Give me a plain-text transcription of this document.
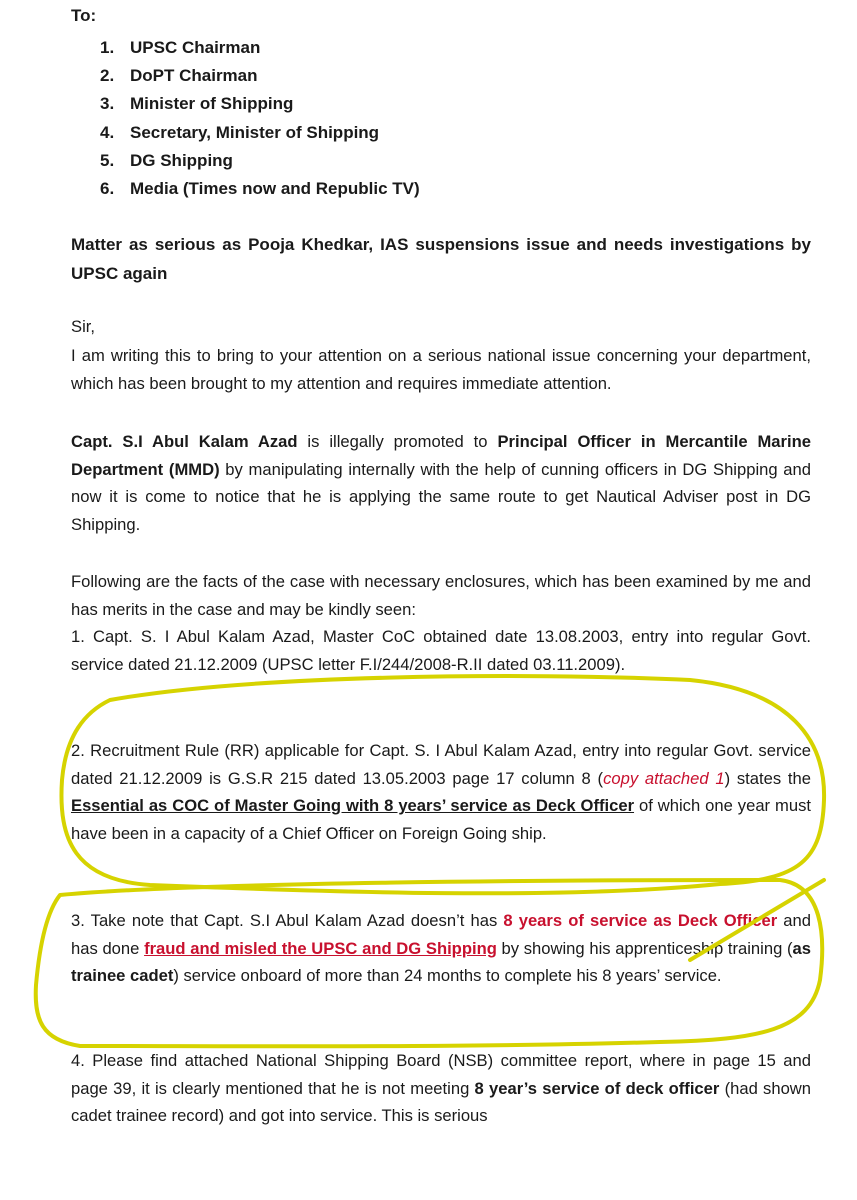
To:
1. UPSC Chairman
2. DoPT Chairman
3. Minister of Shipping
4. Secretary, Minister of Shipping
5. DG Shipping
6. Media (Times now and Republic TV)
Matter as serious as Pooja Khedkar, IAS suspensions issue and needs investigations by UPSC again
Sir,
I am writing this to bring to your attention on a serious national issue concerning your department, which has been brought to my attention and requires immediate attention.
Capt. S.I Abul Kalam Azad is illegally promoted to Principal Officer in Mercantile Marine Department (MMD) by manipulating internally with the help of cunning officers in DG Shipping and now it is come to notice that he is applying the same route to get Nautical Adviser post in DG Shipping.
Following are the facts of the case with necessary enclosures, which has been examined by me and has merits in the case and may be kindly seen:
1. Capt. S. I Abul Kalam Azad, Master CoC obtained date 13.08.2003, entry into regular Govt. service dated 21.12.2009 (UPSC letter F.I/244/2008-R.II dated 03.11.2009).
2. Recruitment Rule (RR) applicable for Capt. S. I Abul Kalam Azad, entry into regular Govt. service dated 21.12.2009 is G.S.R 215 dated 13.05.2003 page 17 column 8 (copy attached 1) states the Essential as COC of Master Going with 8 years’ service as Deck Officer of which one year must have been in a capacity of a Chief Officer on Foreign Going ship.
3. Take note that Capt. S.I Abul Kalam Azad doesn’t has 8 years of service as Deck Officer and has done fraud and misled the UPSC and DG Shipping by showing his apprenticeship training (as trainee cadet) service onboard of more than 24 months to complete his 8 years’ service.
4. Please find attached National Shipping Board (NSB) committee report, where in page 15 and page 39, it is clearly mentioned that he is not meeting 8 year’s service of deck officer (had shown cadet trainee record) and got into service. This is serious
